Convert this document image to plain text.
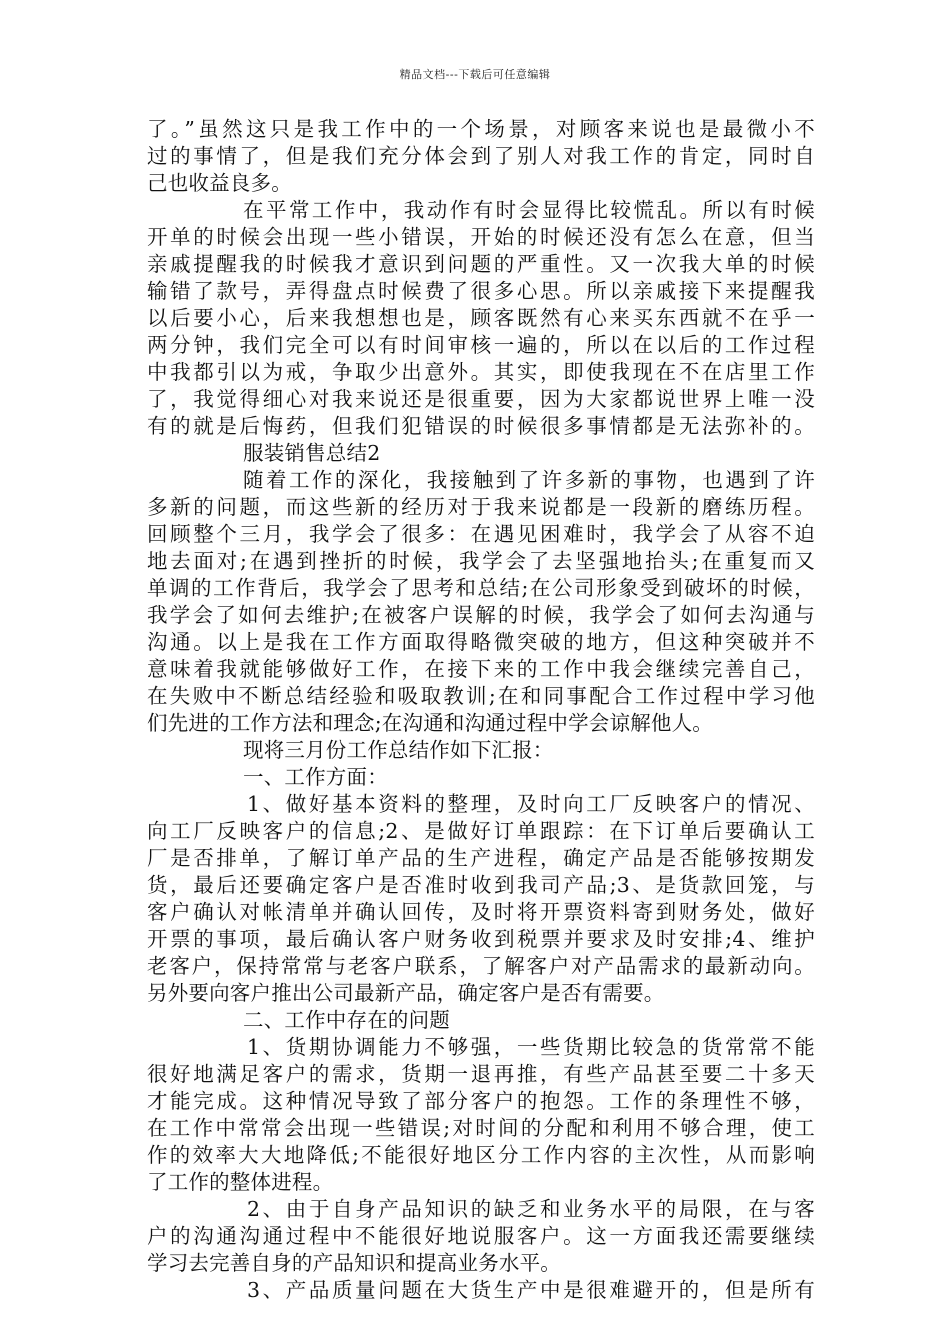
精品文档---下载后可任意编辑
了。”虽然这只是我工作中的一个场景，对顾客来说也是最微小不
过的事情了，但是我们充分体会到了别人对我工作的肯定，同时自
己也收益良多。
在平常工作中，我动作有时会显得比较慌乱。所以有时候
开单的时候会出现一些小错误，开始的时候还没有怎么在意，但当
亲戚提醒我的时候我才意识到问题的严重性。又一次我大单的时候
输错了款号，弄得盘点时候费了很多心思。所以亲戚接下来提醒我
以后要小心，后来我想想也是，顾客既然有心来买东西就不在乎一
两分钟，我们完全可以有时间审核一遍的，所以在以后的工作过程
中我都引以为戒，争取少出意外。其实，即使我现在不在店里工作
了，我觉得细心对我来说还是很重要，因为大家都说世界上唯一没
有的就是后悔药，但我们犯错误的时候很多事情都是无法弥补的。
服装销售总结2
随着工作的深化，我接触到了许多新的事物，也遇到了许
多新的问题，而这些新的经历对于我来说都是一段新的磨练历程。
回顾整个三月，我学会了很多：在遇见困难时，我学会了从容不迫
地去面对;在遇到挫折的时候，我学会了去坚强地抬头;在重复而又
单调的工作背后，我学会了思考和总结;在公司形象受到破坏的时候，
我学会了如何去维护;在被客户误解的时候，我学会了如何去沟通与
沟通。以上是我在工作方面取得略微突破的地方，但这种突破并不
意味着我就能够做好工作，在接下来的工作中我会继续完善自己，
在失败中不断总结经验和吸取教训;在和同事配合工作过程中学习他
们先进的工作方法和理念;在沟通和沟通过程中学会谅解他人。
现将三月份工作总结作如下汇报：
一、工作方面：
1、做好基本资料的整理，及时向工厂反映客户的情况、
向工厂反映客户的信息;2、是做好订单跟踪：在下订单后要确认工
厂是否排单，了解订单产品的生产进程，确定产品是否能够按期发
货，最后还要确定客户是否准时收到我司产品;3、是货款回笼，与
客户确认对帐清单并确认回传，及时将开票资料寄到财务处，做好
开票的事项，最后确认客户财务收到税票并要求及时安排;4、维护
老客户，保持常常与老客户联系，了解客户对产品需求的最新动向。
另外要向客户推出公司最新产品，确定客户是否有需要。
二、工作中存在的问题
1、货期协调能力不够强，一些货期比较急的货常常不能
很好地满足客户的需求，货期一退再推，有些产品甚至要二十多天
才能完成。这种情况导致了部分客户的抱怨。工作的条理性不够，
在工作中常常会出现一些错误;对时间的分配和利用不够合理，使工
作的效率大大地降低;不能很好地区分工作内容的主次性，从而影响
了工作的整体进程。
2、由于自身产品知识的缺乏和业务水平的局限，在与客
户的沟通沟通过程中不能很好地说服客户。这一方面我还需要继续
学习去完善自身的产品知识和提高业务水平。
3、产品质量问题在大货生产中是很难避开的，但是所有
